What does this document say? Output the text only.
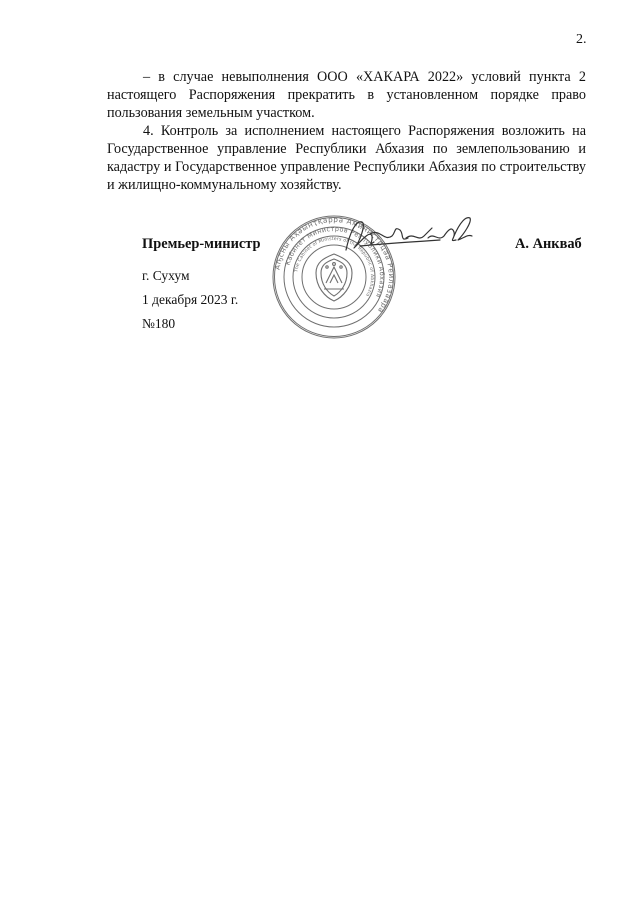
2.

– в случае невыполнения ООО «ХАКАРА 2022» условий пункта 2 настоящего Распоряжения прекратить в установленном порядке право пользования земельным участком.

4. Контроль за исполнением настоящего Распоряжения возложить на Государственное управление Республики Абхазия по землепользованию и кадастру и Государственное управление Республики Абхазия по строительству и жилищно-коммунальному хозяйству.

Премьер-министр	А. Анкваб
г. Сухум
1 декабря 2023 г.
№180
Аҧсны Аҳәынҭқарра Аминистрцәа Реилазаара
Кабинет Министров Республики Абхазия
The Cabinet of Ministers of the Republic of Abkhazia
